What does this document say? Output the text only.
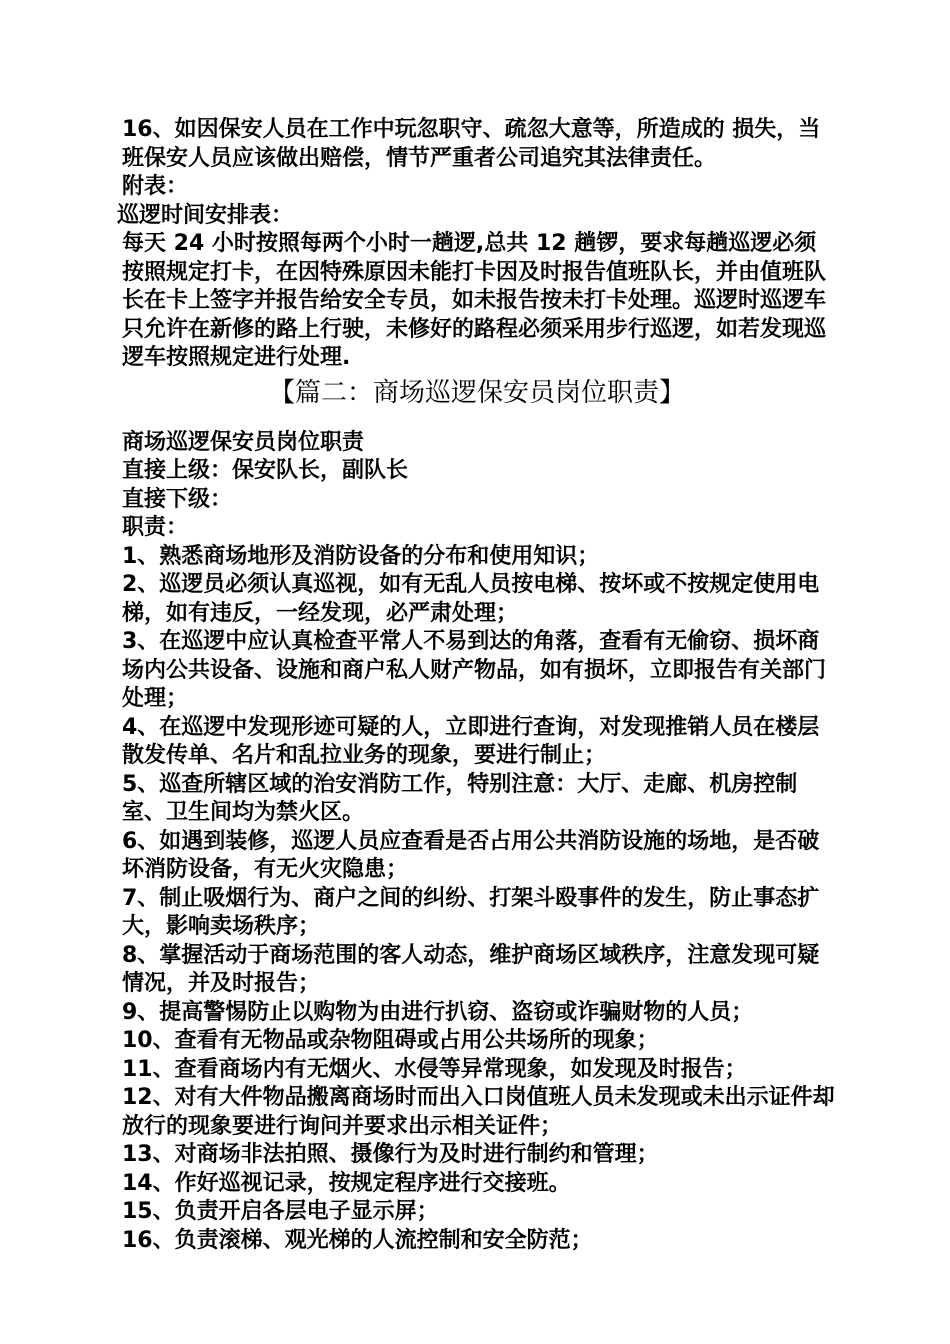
16、如因保安人员在工作中玩忽职守、疏忽大意等，所造成的 损失，当班保安人员应该做出赔偿，情节严重者公司追究其法律责任。

附表：

巡逻时间安排表：

每天 24 小时按照每两个小时一趟逻,总共 12 趟锣，要求每趟巡逻必须按照规定打卡，在因特殊原因未能打卡因及时报告值班队长，并由值班队长在卡上签字并报告给安全专员，如未报告按未打卡处理。巡逻时巡逻车只允许在新修的路上行驶，未修好的路程必须采用步行巡逻，如若发现巡逻车按照规定进行处理.

【篇二：商场巡逻保安员岗位职责】

商场巡逻保安员岗位职责

直接上级：保安队长，副队长

直接下级：

职责：

1、熟悉商场地形及消防设备的分布和使用知识；

2、巡逻员必须认真巡视，如有无乱人员按电梯、按坏或不按规定使用电梯，如有违反，一经发现，必严肃处理；

3、在巡逻中应认真检查平常人不易到达的角落，查看有无偷窃、损坏商场内公共设备、设施和商户私人财产物品，如有损坏，立即报告有关部门处理；

4、在巡逻中发现形迹可疑的人，立即进行查询，对发现推销人员在楼层散发传单、名片和乱拉业务的现象，要进行制止；

5、巡查所辖区域的治安消防工作，特别注意：大厅、走廊、机房控制室、卫生间均为禁火区。

6、如遇到装修，巡逻人员应查看是否占用公共消防设施的场地，是否破坏消防设备，有无火灾隐患；

7、制止吸烟行为、商户之间的纠纷、打架斗殴事件的发生，防止事态扩大，影响卖场秩序；

8、掌握活动于商场范围的客人动态，维护商场区域秩序，注意发现可疑情况，并及时报告；

9、提高警惕防止以购物为由进行扒窃、盗窃或诈骗财物的人员；

10、查看有无物品或杂物阻碍或占用公共场所的现象；

11、查看商场内有无烟火、水侵等异常现象，如发现及时报告；

12、对有大件物品搬离商场时而出入口岗值班人员未发现或未出示证件却放行的现象要进行询问并要求出示相关证件；

13、对商场非法拍照、摄像行为及时进行制约和管理；

14、作好巡视记录，按规定程序进行交接班。

15、负责开启各层电子显示屏；

16、负责滚梯、观光梯的人流控制和安全防范；
